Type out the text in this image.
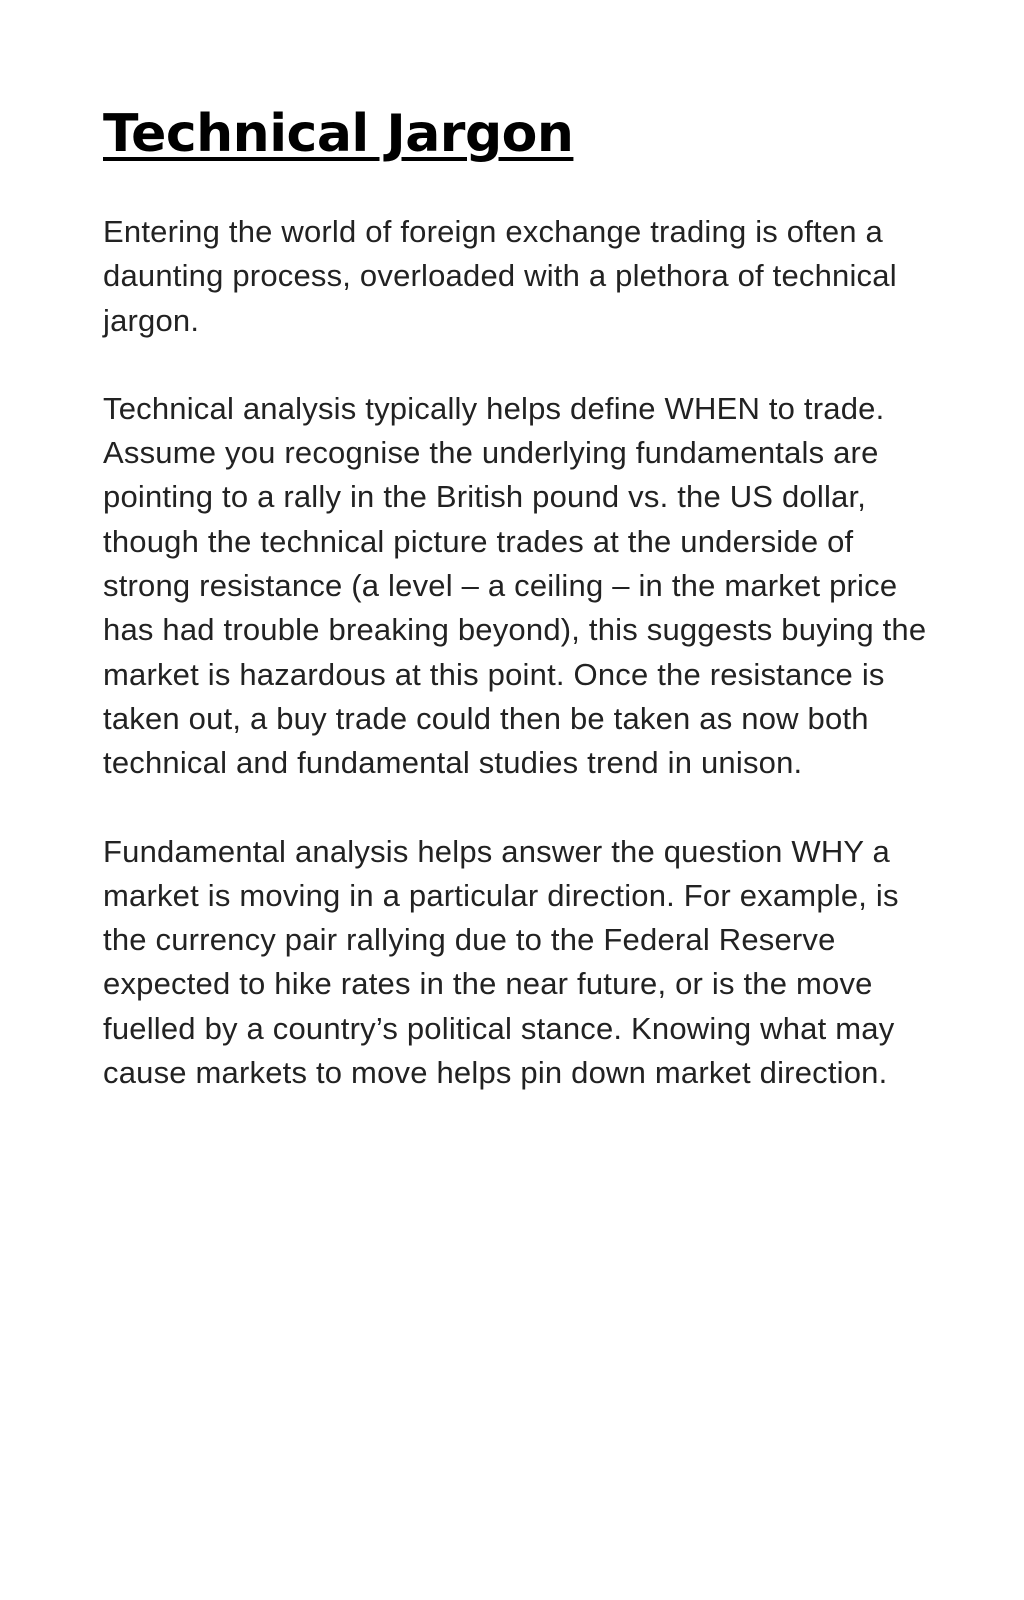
Technical Jargon

Entering the world of foreign exchange trading is often a daunting process, overloaded with a plethora of technical jargon.

Technical analysis typically helps define WHEN to trade. Assume you recognise the underlying fundamentals are pointing to a rally in the British pound vs. the US dollar, though the technical picture trades at the underside of strong resistance (a level – a ceiling – in the market price has had trouble breaking beyond), this suggests buying the market is hazardous at this point. Once the resistance is taken out, a buy trade could then be taken as now both technical and fundamental studies trend in unison.

Fundamental analysis helps answer the question WHY a market is moving in a particular direction. For example, is the currency pair rallying due to the Federal Reserve expected to hike rates in the near future, or is the move fuelled by a country’s political stance. Knowing what may cause markets to move helps pin down market direction.
